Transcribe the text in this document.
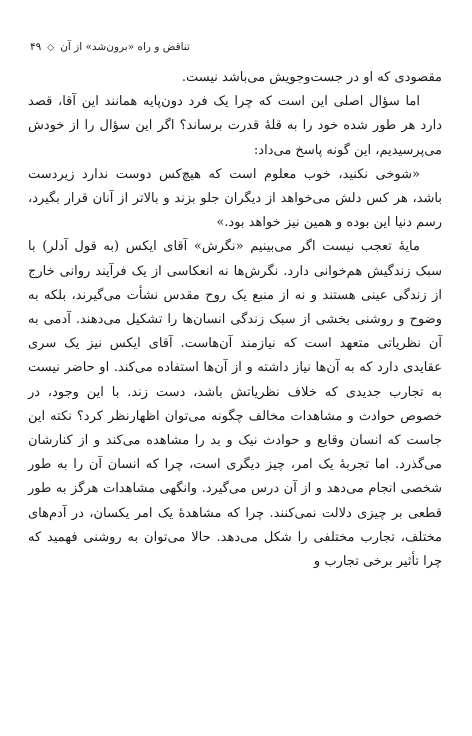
۴۹ ◇ تناقض و راه «برون‌شد» از آن

مقصودی که او در جست‌وجویش می‌باشد نیست.

اما سؤال اصلی این است که چرا یک فرد دون‌پایه همانند این آقا، قصد دارد هر طور شده خود را به قلهٔ قدرت برساند؟ اگر این سؤال را از خودش می‌پرسیدیم، این گونه پاسخ می‌داد:

«شوخی نکنید، خوب معلوم است که هیچ‌کس دوست ندارد زیردست باشد، هر کس دلش می‌خواهد از دیگران جلو بزند و بالاتر از آنان قرار بگیرد، رسم دنیا این بوده و همین نیز خواهد بود.»

مایهٔ تعجب نیست اگر می‌بینیم «نگرش» آقای ایکس (به قول آدلر) با سبک زندگیش هم‌خوانی دارد. نگرش‌ها نه انعکاسی از یک فرآیند روانی خارج از زندگی عینی هستند و نه از منبع یک روح مقدس نشأت می‌گیرند، بلکه به وضوح و روشنی بخشی از سبک زندگی انسان‌ها را تشکیل می‌دهند. آدمی به آن نظریاتی متعهد است که نیازمند آن‌هاست. آقای ایکس نیز یک سری عقایدی دارد که به آن‌ها نیاز داشته و از آن‌ها استفاده می‌کند. او حاضر نیست به تجارب جدیدی که خلاف نظریاتش باشد، دست زند. با این وجود، در خصوص حوادث و مشاهدات مخالف چگونه می‌توان اظهارنظر کرد؟ نکته این جاست که انسان وقایع و حوادث نیک و بد را مشاهده می‌کند و از کنارشان می‌گذرد. اما تجربهٔ یک امر، چیز دیگری است، چرا که انسان آن را به طور شخصی انجام می‌دهد و از آن درس می‌گیرد. وانگهی مشاهدات هرگز به طور قطعی بر چیزی دلالت نمی‌کنند. چرا که مشاهدهٔ یک امر یکسان، در آدم‌های مختلف، تجارب مختلفی را شکل می‌دهد. حالا می‌توان به روشنی فهمید که چرا تأثیر برخی تجارب و
